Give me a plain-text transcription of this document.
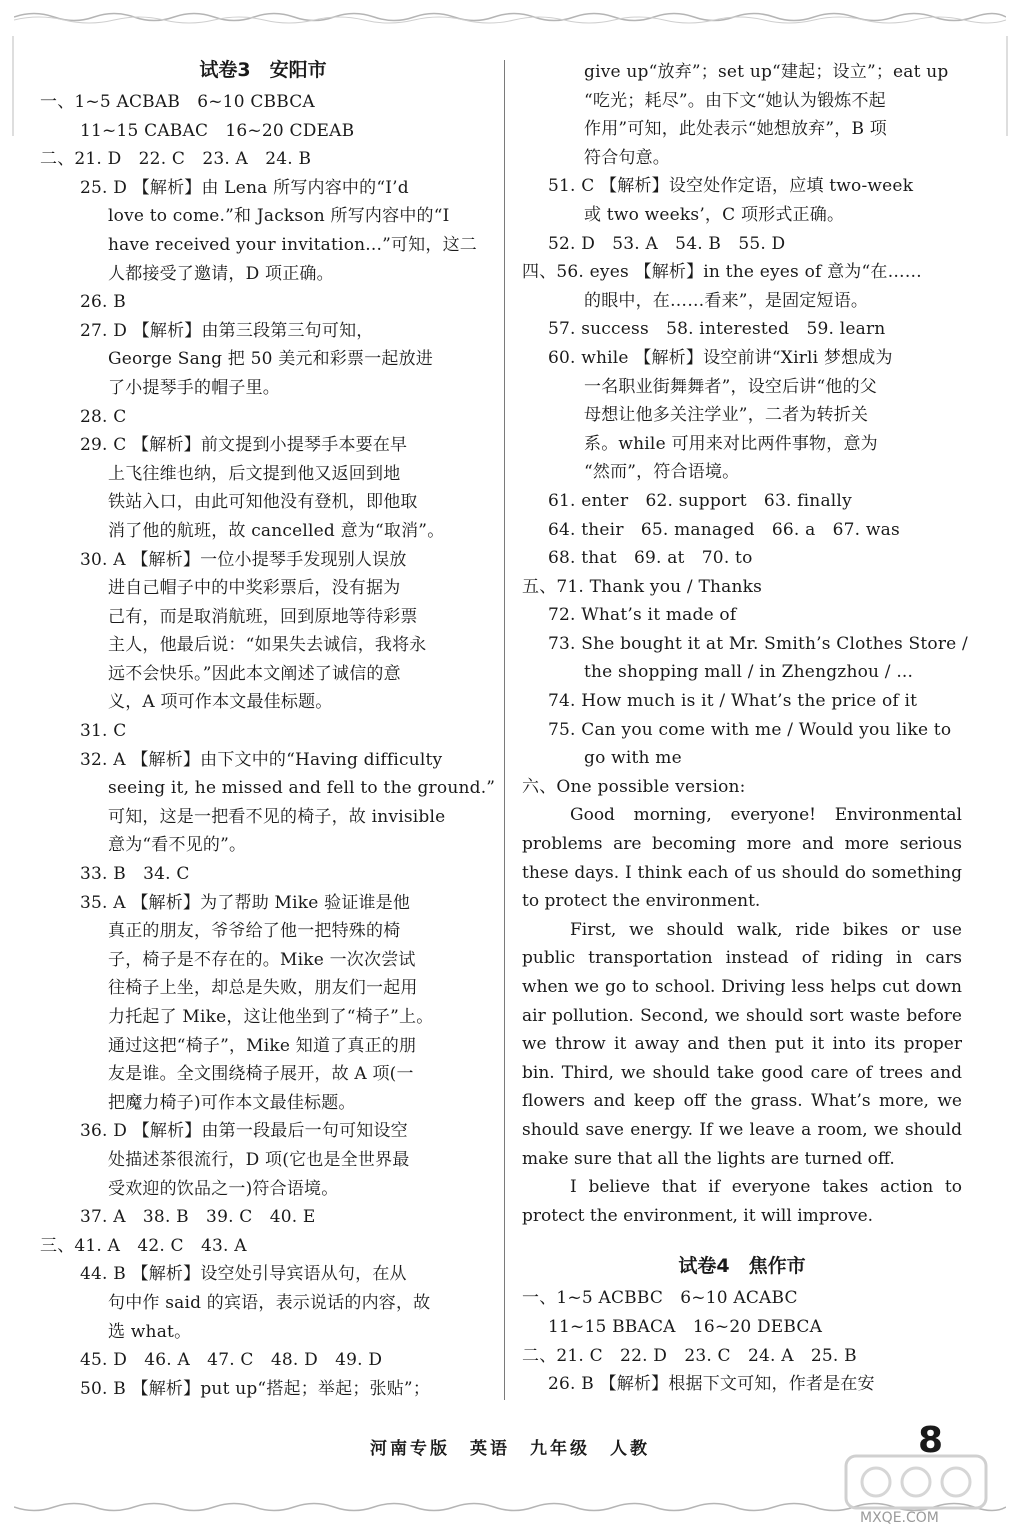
试卷3　安阳市
一、1~5 ACBAB　6~10 CBBCA
11~15 CABAC　16~20 CDEAB
二、21. D　22. C　23. A　24. B
25. D 【解析】由 Lena 所写内容中的“I’d
love to come.”和 Jackson 所写内容中的“I
have received your invitation...”可知，这二
人都接受了邀请，D 项正确。
26. B
27. D 【解析】由第三段第三句可知，
George Sang 把 50 美元和彩票一起放进
了小提琴手的帽子里。
28. C
29. C 【解析】前文提到小提琴手本要在早
上飞往维也纳，后文提到他又返回到地
铁站入口，由此可知他没有登机，即他取
消了他的航班，故 cancelled 意为“取消”。
30. A 【解析】一位小提琴手发现别人误放
进自己帽子中的中奖彩票后，没有据为
己有，而是取消航班，回到原地等待彩票
主人，他最后说：“如果失去诚信，我将永
远不会快乐。”因此本文阐述了诚信的意
义，A 项可作本文最佳标题。
31. C
32. A 【解析】由下文中的“Having difficulty
seeing it, he missed and fell to the ground.”
可知，这是一把看不见的椅子，故 invisible
意为“看不见的”。
33. B　34. C
35. A 【解析】为了帮助 Mike 验证谁是他
真正的朋友，爷爷给了他一把特殊的椅
子，椅子是不存在的。Mike 一次次尝试
往椅子上坐，却总是失败，朋友们一起用
力托起了 Mike，这让他坐到了“椅子”上。
通过这把“椅子”，Mike 知道了真正的朋
友是谁。全文围绕椅子展开，故 A 项(一
把魔力椅子)可作本文最佳标题。
36. D 【解析】由第一段最后一句可知设空
处描述茶很流行，D 项(它也是全世界最
受欢迎的饮品之一)符合语境。
37. A　38. B　39. C　40. E
三、41. A　42. C　43. A
44. B 【解析】设空处引导宾语从句，在从
句中作 said 的宾语，表示说话的内容，故
选 what。
45. D　46. A　47. C　48. D　49. D
50. B 【解析】put up“搭起；举起；张贴”；
give up“放弃”；set up“建起；设立”；eat up
“吃光；耗尽”。由下文“她认为锻炼不起
作用”可知，此处表示“她想放弃”，B 项
符合句意。
51. C 【解析】设空处作定语，应填 two-week
或 two weeks’，C 项形式正确。
52. D　53. A　54. B　55. D
四、56. eyes 【解析】in the eyes of 意为“在……
的眼中，在……看来”，是固定短语。
57. success　58. interested　59. learn
60. while 【解析】设空前讲“Xirli 梦想成为
一名职业街舞舞者”，设空后讲“他的父
母想让他多关注学业”，二者为转折关
系。while 可用来对比两件事物，意为
“然而”，符合语境。
61. enter　62. support　63. finally
64. their　65. managed　66. a　67. was
68. that　69. at　70. to
五、71. Thank you / Thanks
72. What’s it made of
73. She bought it at Mr. Smith’s Clothes Store /
the shopping mall / in Zhengzhou / ...
74. How much is it / What’s the price of it
75. Can you come with me / Would you like to
go with me
六、One possible version:

Good morning, everyone! Environmental problems are becoming more and more serious these days. I think each of us should do something to protect the environment.

First, we should walk, ride bikes or use public transportation instead of riding in cars when we go to school. Driving less helps cut down air pollution. Second, we should sort waste before we throw it away and then put it into its proper bin. Third, we should take good care of trees and flowers and keep off the grass. What’s more, we should save energy. If we leave a room, we should make sure that all the lights are turned off.

I believe that if everyone takes action to protect the environment, it will improve.

试卷4　焦作市
一、1~5 ACBBC　6~10 ACABC
11~15 BBACA　16~20 DEBCA
二、21. C　22. D　23. C　24. A　25. B
26. B 【解析】根据下文可知，作者是在安
河南专版　英语　九年级　人教	8
MXQE.COM
